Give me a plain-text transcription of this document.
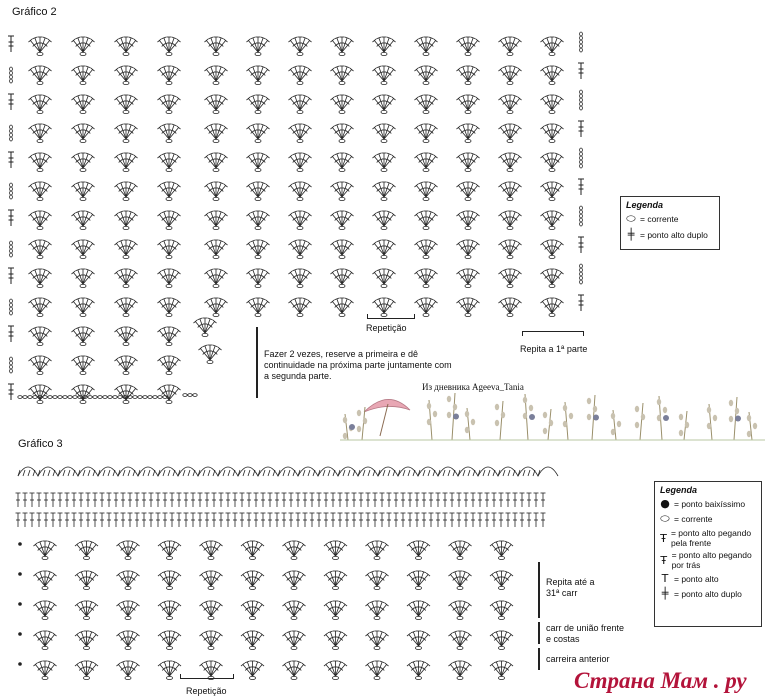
Gráfico 2
Repetição
Repita a 1ª parte
Fazer 2 vezes, reserve a primeira e dê continuidade na próxima parte juntamente com a segunda parte.
Legenda
⬭ = corrente
╪ = ponto alto duplo
Из дневника Ageeva_Tania
Gráfico 3
Repetição
Repita até a 31ª carr
carr de união frente e costas
carreira anterior
Legenda
● = ponto baixíssimo
⬭ = corrente
Ŧ = ponto alto pegando pela frente
Ŧ = ponto alto pegando por trás
T = ponto alto
╪ = ponto alto duplo
Страна Мам . ру
